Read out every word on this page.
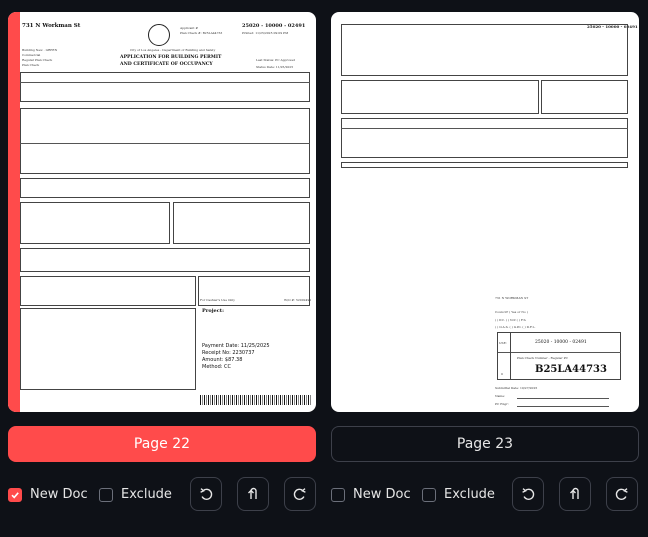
731 N Workman St	Applicant #
Plan Check #: B25LA44733
25020 - 10000 - 02491
Printed: 11/25/2025 09:09 PM
Building New · GREEN
Commercial
Regular Plan Check
Plan Check
City of Los Angeles - Department of Building and Safety
APPLICATION FOR BUILDING PERMIT
AND CERTIFICATE OF OCCUPANCY
Last Status: PC Approved
Status Date: 11/25/2025
Project:
Payment Date: 11/25/2025
Receipt No: 2230737
Amount: $87.38
Method: CC
For Cashier's Use Only	W/O #: 52002491
25020 - 10000 - 02491
731 N WORKMAN ST
Council? ( Yes or No )
( ) P.C. ( ) N.P. ( ) F.S.
( ) O.A.S. ( ) G.P.I. ( ) D.F.L.
USE:	25020 - 10000 - 02491
Plan Check Number - Regular PC
B25LA44733
0
Submittal Date: 10/27/2025
Name:
PC Engr:
Page 22	Page 23
New Doc	Exclude	New Doc	Exclude
